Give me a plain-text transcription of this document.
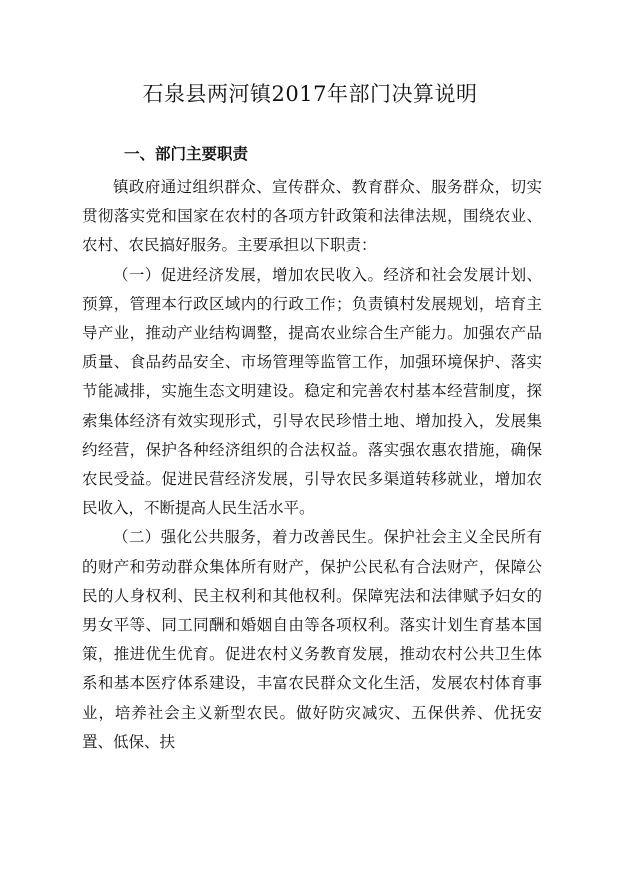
石泉县两河镇2017年部门决算说明
一、部门主要职责

镇政府通过组织群众、宣传群众、教育群众、服务群众，切实贯彻落实党和国家在农村的各项方针政策和法律法规，围绕农业、农村、农民搞好服务。主要承担以下职责：

（一）促进经济发展，增加农民收入。经济和社会发展计划、预算，管理本行政区域内的行政工作；负责镇村发展规划，培育主导产业，推动产业结构调整，提高农业综合生产能力。加强农产品质量、食品药品安全、市场管理等监管工作，加强环境保护、落实节能减排，实施生态文明建设。稳定和完善农村基本经营制度，探索集体经济有效实现形式，引导农民珍惜土地、增加投入，发展集约经营，保护各种经济组织的合法权益。落实强农惠农措施，确保农民受益。促进民营经济发展，引导农民多渠道转移就业，增加农民收入，不断提高人民生活水平。

（二）强化公共服务，着力改善民生。保护社会主义全民所有的财产和劳动群众集体所有财产，保护公民私有合法财产，保障公民的人身权利、民主权利和其他权利。保障宪法和法律赋予妇女的男女平等、同工同酬和婚姻自由等各项权利。落实计划生育基本国策，推进优生优育。促进农村义务教育发展，推动农村公共卫生体系和基本医疗体系建设，丰富农民群众文化生活，发展农村体育事业，培养社会主义新型农民。做好防灾减灾、五保供养、优抚安置、低保、扶
